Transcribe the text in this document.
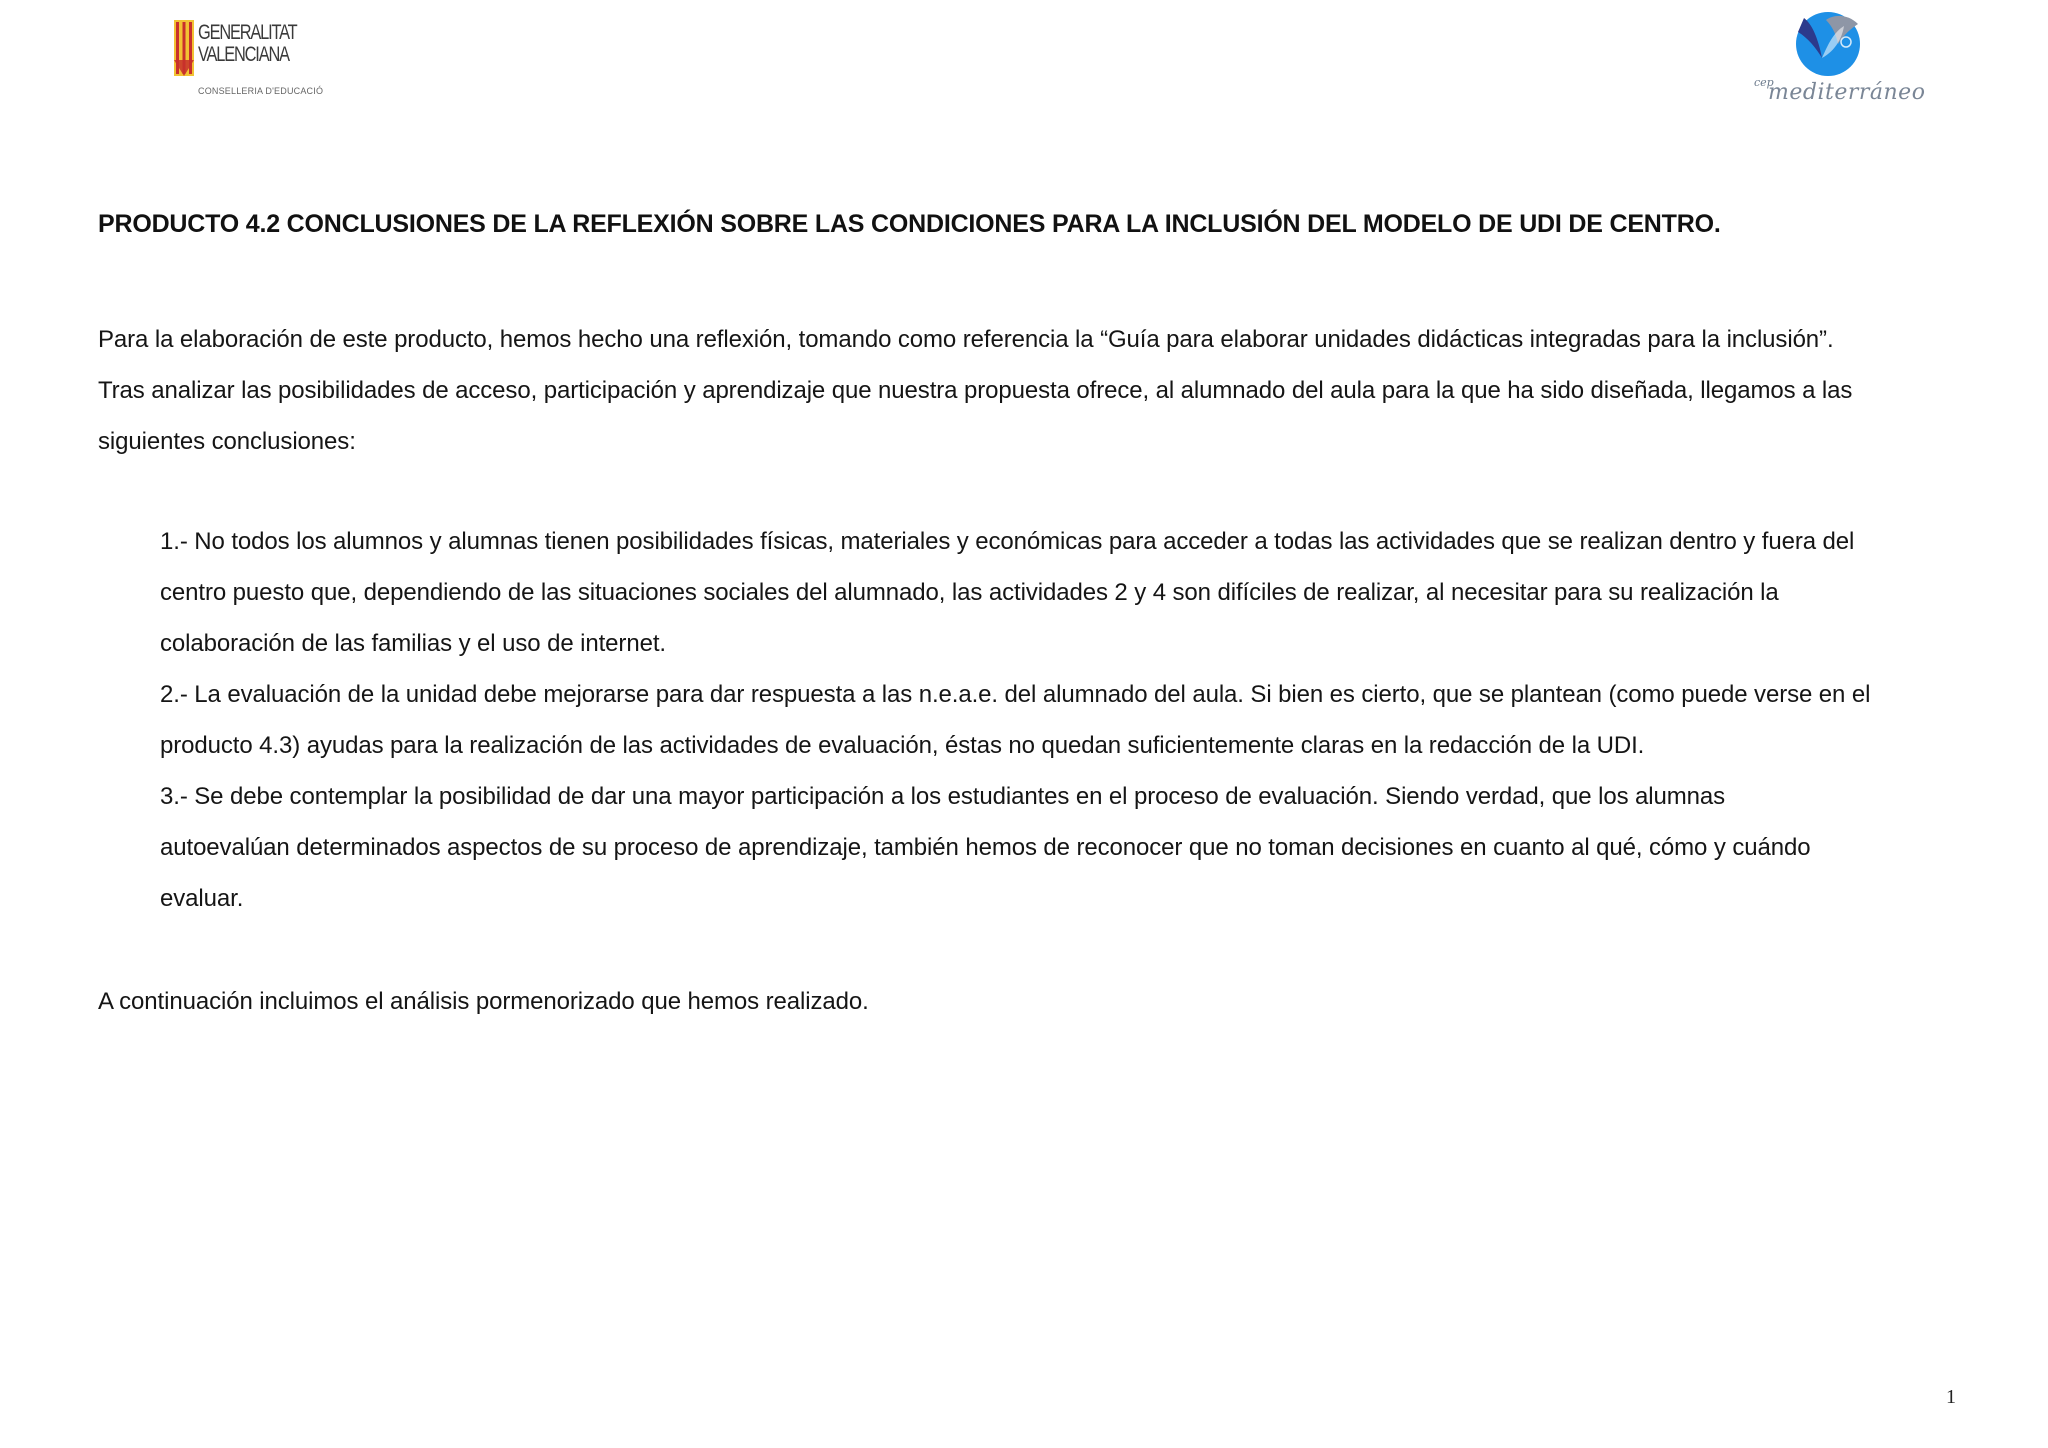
GENERALITAT
VALENCIANA
CONSELLERIA D'EDUCACIÓ
cep
mediterráneo
PRODUCTO 4.2 CONCLUSIONES DE LA REFLEXIÓN SOBRE LAS CONDICIONES PARA LA INCLUSIÓN DEL MODELO DE UDI DE CENTRO.
Para la elaboración de este producto, hemos hecho una reflexión, tomando como referencia la “Guía para elaborar unidades didácticas integradas para la inclusión”.
Tras analizar las posibilidades de acceso, participación y aprendizaje que nuestra propuesta ofrece, al alumnado del aula para la que ha sido diseñada, llegamos a las
siguientes conclusiones:
1.- No todos los alumnos y alumnas tienen posibilidades físicas, materiales y económicas para acceder a todas las actividades que se realizan dentro y fuera del
centro puesto que, dependiendo de las situaciones sociales del alumnado, las actividades 2 y 4 son difíciles de realizar, al necesitar para su realización la
colaboración de las familias y el uso de internet.
2.- La evaluación de la unidad debe mejorarse para dar respuesta a las n.e.a.e. del alumnado del aula. Si bien es cierto, que se plantean (como puede verse en el
producto 4.3) ayudas para la realización de las actividades de evaluación, éstas no quedan suficientemente claras en la redacción de la UDI.
3.- Se debe contemplar la posibilidad de dar una mayor participación a los estudiantes en el proceso de evaluación. Siendo verdad, que los alumnas
autoevalúan determinados aspectos de su proceso de aprendizaje, también hemos de reconocer que no toman decisiones en cuanto al qué, cómo y cuándo
evaluar.
A continuación incluimos el análisis pormenorizado que hemos realizado.
1
